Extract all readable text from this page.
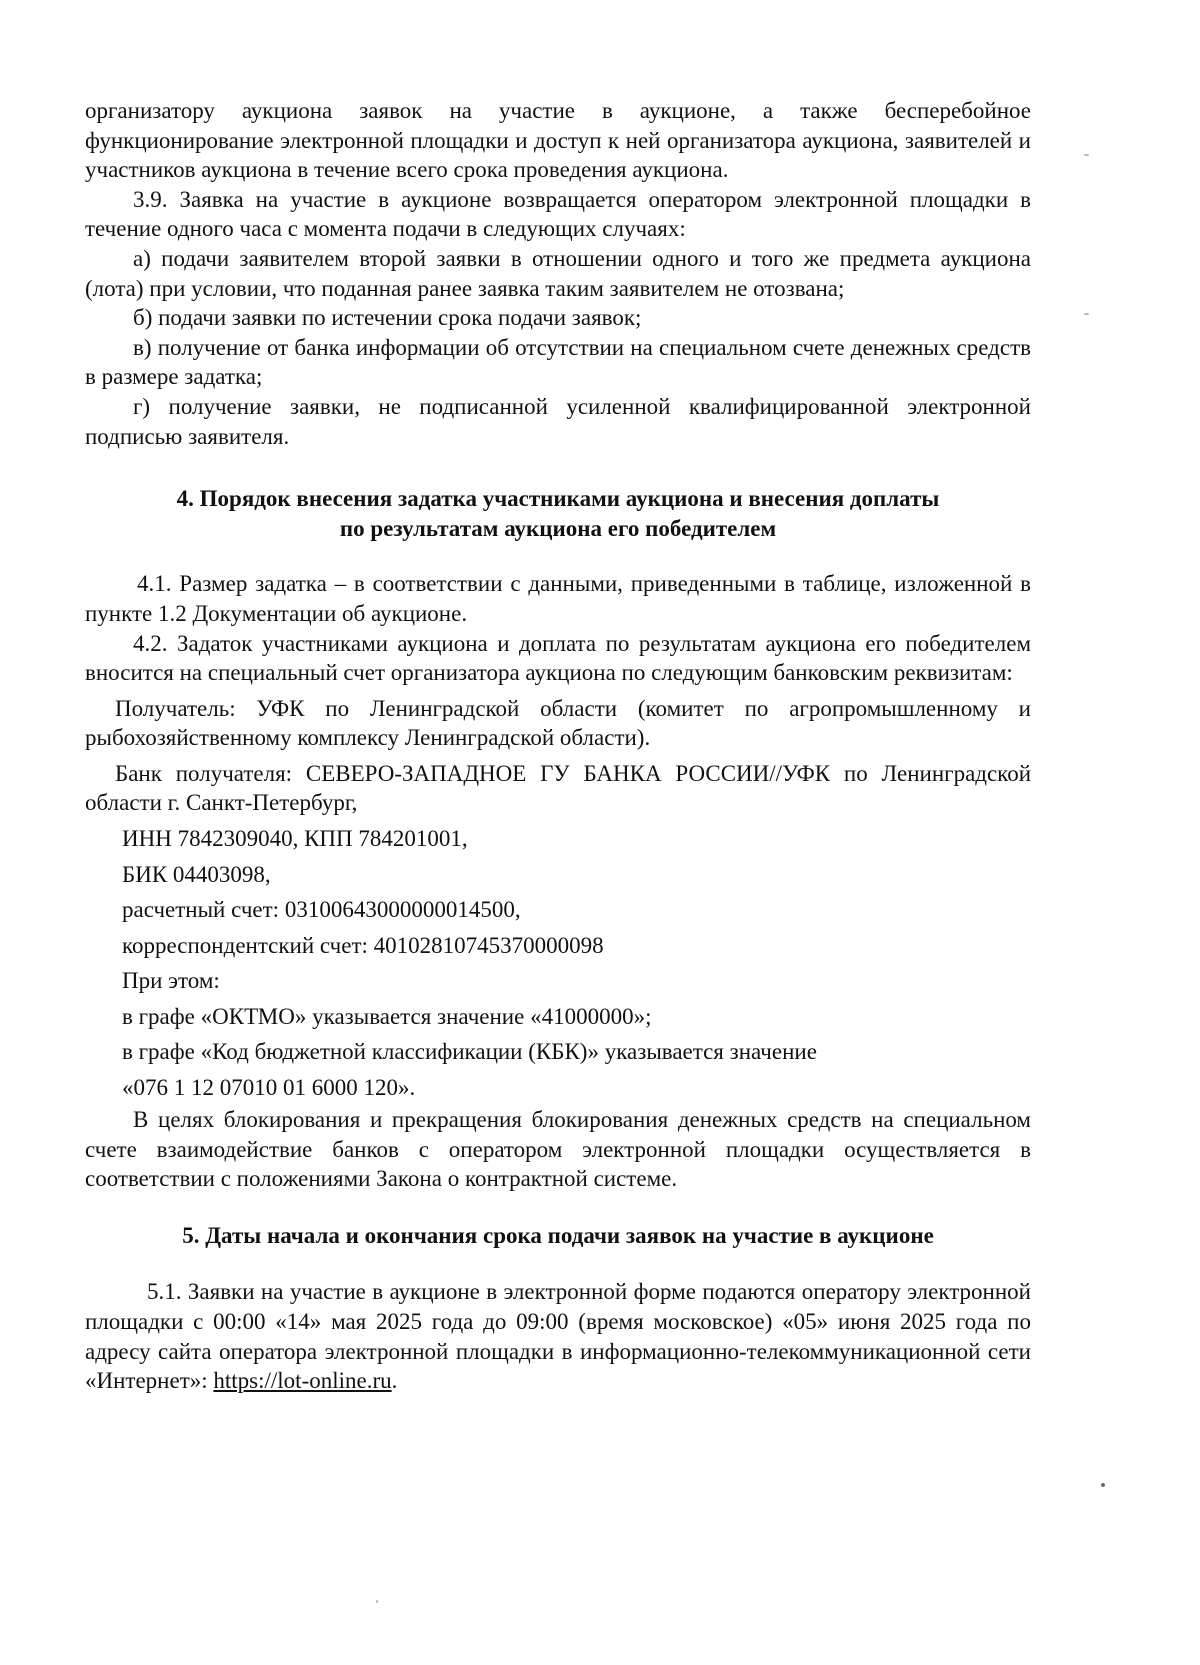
организатору аукциона заявок на участие в аукционе, а также бесперебойное функционирование электронной площадки и доступ к ней организатора аукциона, заявителей и участников аукциона в течение всего срока проведения аукциона.

3.9. Заявка на участие в аукционе возвращается оператором электронной площадки в течение одного часа с момента подачи в следующих случаях:

а) подачи заявителем второй заявки в отношении одного и того же предмета аукциона (лота) при условии, что поданная ранее заявка таким заявителем не отозвана;

б) подачи заявки по истечении срока подачи заявок;

в) получение от банка информации об отсутствии на специальном счете денежных средств в размере задатка;

г) получение заявки, не подписанной усиленной квалифицированной электронной подписью заявителя.

4. Порядок внесения задатка участниками аукциона и внесения доплаты
по результатам аукциона его победителем

4.1. Размер задатка – в соответствии с данными, приведенными в таблице, изложенной в пункте 1.2 Документации об аукционе.

4.2. Задаток участниками аукциона и доплата по результатам аукциона его победителем вносится на специальный счет организатора аукциона по следующим банковским реквизитам:

Получатель: УФК по Ленинградской области (комитет по агропромышленному и рыбохозяйственному комплексу Ленинградской области).

Банк получателя: СЕВЕРО-ЗАПАДНОЕ ГУ БАНКА РОССИИ//УФК по Ленинградской области г. Санкт-Петербург,

ИНН 7842309040, КПП 784201001,
БИК 04403098,
расчетный счет: 03100643000000014500,
корреспондентский счет: 40102810745370000098
При этом:
в графе «ОКТМО» указывается значение «41000000»;
в графе «Код бюджетной классификации (КБК)» указывается значение
«076 1 12 07010 01 6000 120».

В целях блокирования и прекращения блокирования денежных средств на специальном счете взаимодействие банков с оператором электронной площадки осуществляется в соответствии с положениями Закона о контрактной системе.

5. Даты начала и окончания срока подачи заявок на участие в аукционе

5.1. Заявки на участие в аукционе в электронной форме подаются оператору электронной площадки с 00:00 «14» мая 2025 года до 09:00 (время московское) «05» июня 2025 года по адресу сайта оператора электронной площадки в информационно-телекоммуникационной сети «Интернет»: https://lot-online.ru.
